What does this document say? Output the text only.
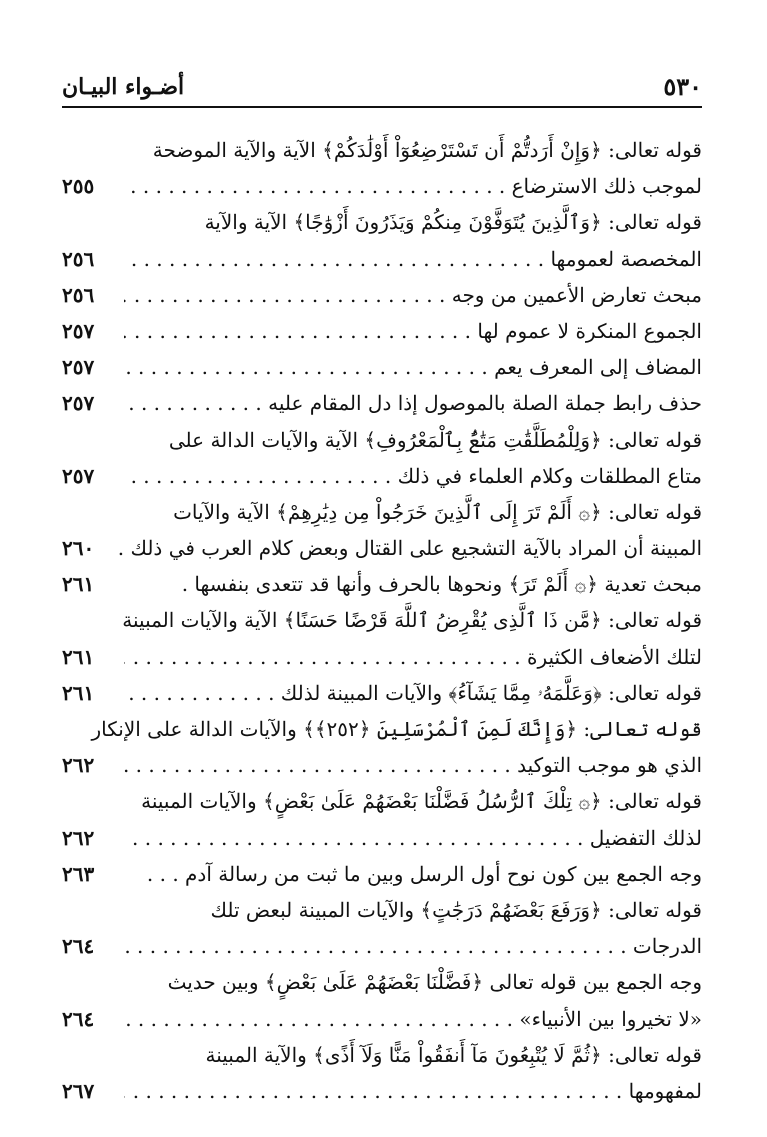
٥٣٠
أضـواء البيـان
قوله تعالى: ﴿وَإِنْ أَرَدتُّمْ أَن تَسْتَرْضِعُوٓاْ أَوْلَٰدَكُمْ﴾ الآية والآية الموضحة
لموجب ذلك الاسترضاع . . .
٢٥٥
قوله تعالى: ﴿وَٱلَّذِينَ يُتَوَفَّوْنَ مِنكُمْ وَيَذَرُونَ أَزْوَٰجًا﴾ الآية والآية
المخصصة لعمومها . . .
٢٥٦
مبحث تعارض الأعمين من وجه . . .
٢٥٦
الجموع المنكرة لا عموم لها . . .
٢٥٧
المضاف إلى المعرف يعم . . .
٢٥٧
حذف رابط جملة الصلة بالموصول إذا دل المقام عليه . . .
٢٥٧
قوله تعالى: ﴿وَلِلْمُطَلَّقَٰتِ مَتَٰعٌۢ بِٱلْمَعْرُوفِ﴾ الآية والآيات الدالة على
متاع المطلقات وكلام العلماء في ذلك . . .
٢٥٧
قوله تعالى: ﴿۞ أَلَمْ تَرَ إِلَى ٱلَّذِينَ خَرَجُواْ مِن دِيَٰرِهِمْ﴾ الآية والآيات
المبينة أن المراد بالآية التشجيع على القتال وبعض كلام العرب في ذلك .
٢٦٠
مبحث تعدية ﴿۞ أَلَمْ تَرَ﴾ ونحوها بالحرف وأنها قد تتعدى بنفسها .
٢٦١
قوله تعالى: ﴿مَّن ذَا ٱلَّذِى يُقْرِضُ ٱللَّهَ قَرْضًا حَسَنًا﴾ الآية والآيات المبينة
لتلك الأضعاف الكثيرة . . .
٢٦١
قوله تعالى: ﴿وَعَلَّمَهُۥ مِمَّا يَشَآءُ﴾ والآيات المبينة لذلك . . .
٢٦١
قوله تعالى: ﴿وَإِنَّكَ لَمِنَ ٱلْمُرْسَلِينَ ﴿٢٥٢﴾﴾ والآيات الدالة على الإنكار
الذي هو موجب التوكيد . . .
٢٦٢
قوله تعالى: ﴿۞ تِلْكَ ٱلرُّسُلُ فَضَّلْنَا بَعْضَهُمْ عَلَىٰ بَعْضٍ﴾ والآيات المبينة
لذلك التفضيل . . .
٢٦٢
وجه الجمع بين كون نوح أول الرسل وبين ما ثبت من رسالة آدم . . .
٢٦٣
قوله تعالى: ﴿وَرَفَعَ بَعْضَهُمْ دَرَجَٰتٍ﴾ والآيات المبينة لبعض تلك
الدرجات . . .
٢٦٤
وجه الجمع بين قوله تعالى ﴿فَضَّلْنَا بَعْضَهُمْ عَلَىٰ بَعْضٍ﴾ وبين حديث
«لا تخيروا بين الأنبياء» . . .
٢٦٤
قوله تعالى: ﴿ثُمَّ لَا يُتْبِعُونَ مَآ أَنفَقُواْ مَنًّا وَلَآ أَذًى﴾ والآية المبينة
لمفهومها . . .
٢٦٧
